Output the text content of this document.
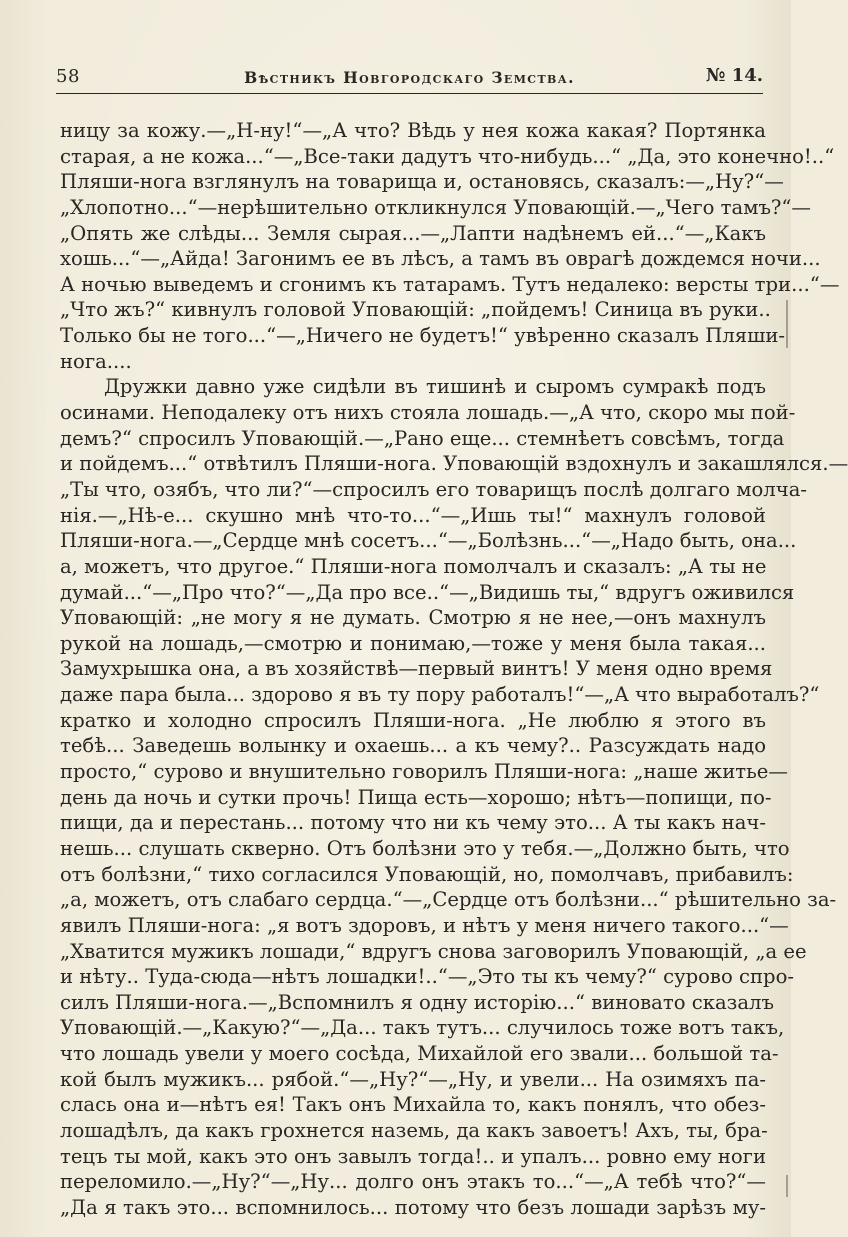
58	Вѣстникъ Новгородскаго Земства.	№ 14.
ницу за кожу.—„Н-ну!“—„А что? Вѣдь у нея кожа какая? Портянка
старая, а не кожа...“—„Все-таки дадутъ что-нибудь...“ „Да, это конечно!..“
Пляши-нога взглянулъ на товарища и, остановясь, сказалъ:—„Ну?“—
„Хлопотно...“—нерѣшительно откликнулся Уповающій.—„Чего тамъ?“—
„Опять же слѣды... Земля сырая...—„Лапти надѣнемъ ей...“—„Какъ
хошь...“—„Айда! Загонимъ ее въ лѣсъ, а тамъ въ оврагѣ дождемся ночи...
А ночью выведемъ и сгонимъ къ татарамъ. Тутъ недалеко: версты три...“—
„Что жъ?“ кивнулъ головой Уповающій: „пойдемъ! Синица въ руки..
Только бы не того...“—„Ничего не будетъ!“ увѣренно сказалъ Пляши-
нога....
Дружки давно уже сидѣли въ тишинѣ и сыромъ сумракѣ подъ
осинами. Неподалеку отъ нихъ стояла лошадь.—„А что, скоро мы пой-
демъ?“ спросилъ Уповающій.—„Рано еще... стемнѣетъ совсѣмъ, тогда
и пойдемъ...“ отвѣтилъ Пляши-нога. Уповающій вздохнулъ и закашлялся.—
„Ты что, озябъ, что ли?“—спросилъ его товарищъ послѣ долгаго молча-
нія.—„Нѣ-е... скушно мнѣ что-то...“—„Ишь ты!“ махнулъ головой
Пляши-нога.—„Сердце мнѣ сосетъ...“—„Болѣзнь...“—„Надо быть, она...
а, можетъ, что другое.“ Пляши-нога помолчалъ и сказалъ: „А ты не
думай...“—„Про что?“—„Да про все..“—„Видишь ты,“ вдругъ оживился
Уповающій: „не могу я не думать. Смотрю я не нее,—онъ махнулъ
рукой на лошадь,—смотрю и понимаю,—тоже у меня была такая...
Замухрышка она, а въ хозяйствѣ—первый винтъ! У меня одно время
даже пара была... здорово я въ ту пору работалъ!“—„А что выработалъ?“
кратко и холодно спросилъ Пляши-нога. „Не люблю я этого въ
тебѣ... Заведешь волынку и охаешь... а къ чему?.. Разсуждать надо
просто,“ сурово и внушительно говорилъ Пляши-нога: „наше житье—
день да ночь и сутки прочь! Пища есть—хорошо; нѣтъ—попищи, по-
пищи, да и перестань... потому что ни къ чему это... А ты какъ нач-
нешь... слушать скверно. Отъ болѣзни это у тебя.—„Должно быть, что
отъ болѣзни,“ тихо согласился Уповающій, но, помолчавъ, прибавилъ:
„а, можетъ, отъ слабаго сердца.“—„Сердце отъ болѣзни...“ рѣшительно за-
явилъ Пляши-нога: „я вотъ здоровъ, и нѣтъ у меня ничего такого...“—
„Хватится мужикъ лошади,“ вдругъ снова заговорилъ Уповающій, „а ее
и нѣту.. Туда-сюда—нѣтъ лошадки!..“—„Это ты къ чему?“ сурово спро-
силъ Пляши-нога.—„Вспомнилъ я одну исторію...“ виновато сказалъ
Уповающій.—„Какую?“—„Да... такъ тутъ... случилось тоже вотъ такъ,
что лошадь увели у моего сосѣда, Михайлой его звали... большой та-
кой былъ мужикъ... рябой.“—„Ну?“—„Ну, и увели... На озимяхъ па-
слась она и—нѣтъ ея! Такъ онъ Михайла то, какъ понялъ, что обез-
лошадѣлъ, да какъ грохнется наземь, да какъ завоетъ! Ахъ, ты, бра-
тецъ ты мой, какъ это онъ завылъ тогда!.. и упалъ... ровно ему ноги
переломило.—„Ну?“—„Ну... долго онъ этакъ то...“—„А тебѣ что?“—
„Да я такъ это... вспомнилось... потому что безъ лошади зарѣзъ му-
